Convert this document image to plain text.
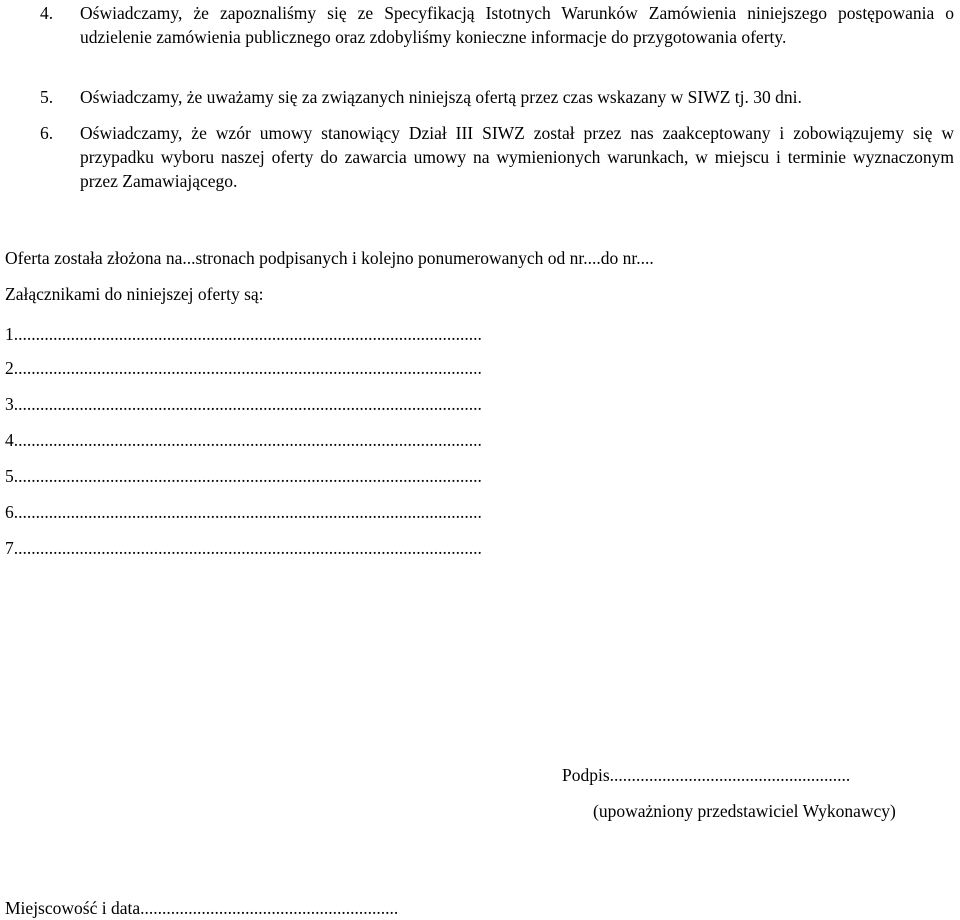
4. Oświadczamy, że zapoznaliśmy się ze Specyfikacją Istotnych Warunków Zamówienia niniejszego postępowania o udzielenie zamówienia publicznego oraz zdobyliśmy konieczne informacje do przygotowania oferty.
5. Oświadczamy, że uważamy się za związanych niniejszą ofertą przez czas wskazany w SIWZ tj. 30 dni.
6. Oświadczamy, że wzór umowy stanowiący Dział III SIWZ został przez nas zaakceptowany i zobowiązujemy się w przypadku wyboru naszej oferty do zawarcia umowy na wymienionych warunkach, w miejscu i terminie wyznaczonym przez Zamawiającego.
Oferta została złożona na...stronach podpisanych i kolejno ponumerowanych od nr....do nr....
Załącznikami do niniejszej oferty są:
1...........................................................................................................
2...........................................................................................................
3...........................................................................................................
4...........................................................................................................
5...........................................................................................................
6...........................................................................................................
7...........................................................................................................
Podpis.......................................................
(upoważniony przedstawiciel Wykonawcy)
Miejscowość i data...........................................................
